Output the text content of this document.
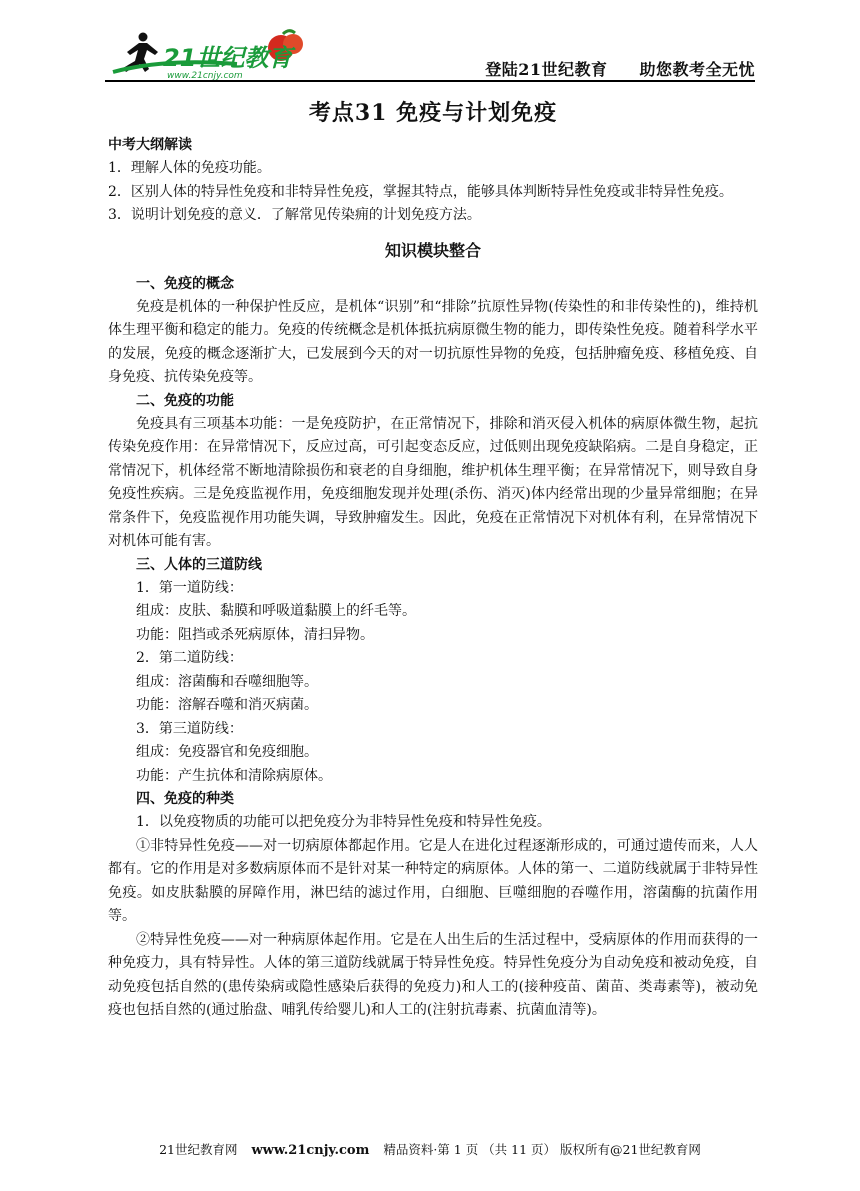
21世纪教育
www.21cnjy.com	登陆21世纪教育 助您教考全无忧
考点31 免疫与计划免疫

中考大纲解读

1．理解人体的免疫功能。

2．区别人体的特异性免疫和非特异性免疫，掌握其特点，能够具体判断特异性免疫或非特异性免疫。

3．说明计划免疫的意义．了解常见传染痈的计划免疫方法。

知识模块整合

一、免疫的概念

免疫是机体的一种保护性反应，是机体“识别”和“排除”抗原性异物(传染性的和非传染性的)，维持机体生理平衡和稳定的能力。免疫的传统概念是机体抵抗病原微生物的能力，即传染性免疫。随着科学水平的发展，免疫的概念逐渐扩大，已发展到今天的对一切抗原性异物的免疫，包括肿瘤免疫、移植免疫、自身免疫、抗传染免疫等。

二、免疫的功能

免疫具有三项基本功能：一是免疫防护，在正常情况下，排除和消灭侵入机体的病原体微生物，起抗传染免疫作用：在异常情况下，反应过高，可引起变态反应，过低则出现免疫缺陷病。二是自身稳定，正常情况下，机体经常不断地清除损伤和衰老的自身细胞，维护机体生理平衡；在异常情况下，则导致自身免疫性疾病。三是免疫监视作用，免疫细胞发现并处理(杀伤、消灭)体内经常出现的少量异常细胞；在异常条件下，免疫监视作用功能失调，导致肿瘤发生。因此，免疫在正常情况下对机体有利，在异常情况下对机体可能有害。

三、人体的三道防线

1．第一道防线：

组成：皮肤、黏膜和呼吸道黏膜上的纤毛等。

功能：阻挡或杀死病原体，清扫异物。

2．第二道防线：

组成：溶菌酶和吞噬细胞等。

功能：溶解吞噬和消灭病菌。

3．第三道防线：

组成：免疫器官和免疫细胞。

功能：产生抗体和清除病原体。

四、免疫的种类

1．以免疫物质的功能可以把免疫分为非特异性免疫和特异性免疫。

①非特异性免疫——对一切病原体都起作用。它是人在进化过程逐渐形成的，可通过遗传而来，人人都有。它的作用是对多数病原体而不是针对某一种特定的病原体。人体的第一、二道防线就属于非特异性免疫。如皮肤黏膜的屏障作用，淋巴结的滤过作用，白细胞、巨噬细胞的吞噬作用，溶菌酶的抗菌作用等。

②特异性免疫——对一种病原体起作用。它是在人出生后的生活过程中，受病原体的作用而获得的一种免疫力，具有特异性。人体的第三道防线就属于特异性免疫。特异性免疫分为自动免疫和被动免疫，自动免疫包括自然的(患传染病或隐性感染后获得的免疫力)和人工的(接种疫苗、菌苗、类毒素等)，被动免疫也包括自然的(通过胎盘、哺乳传给婴儿)和人工的(注射抗毒素、抗菌血清等)。

21世纪教育网 www.21cnjy.com 精品资料·第 1 页 （共 11 页） 版权所有@21世纪教育网
